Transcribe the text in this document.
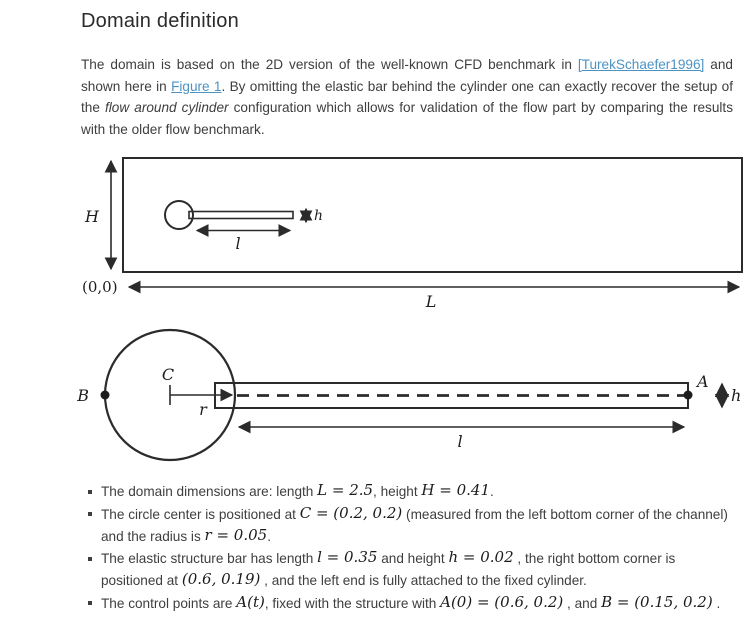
Domain definition

The domain is based on the 2D version of the well-known CFD benchmark in [TurekSchaefer1996] and shown here in Figure 1. By omitting the elastic bar behind the cylinder one can exactly recover the setup of the flow around cylinder configuration which allows for validation of the flow part by comparing the results with the older flow benchmark.

H	h
l
(0,0)
L
B
C
r
A
h
l
The domain dimensions are: length L = 2.5, height H = 0.41.
The circle center is positioned at C = (0.2, 0.2) (measured from the left bottom corner of the channel) and the radius is r = 0.05.
The elastic structure bar has length l = 0.35 and height h = 0.02 , the right bottom corner is positioned at (0.6, 0.19) , and the left end is fully attached to the fixed cylinder.
The control points are A(t), fixed with the structure with A(0) = (0.6, 0.2) , and B = (0.15, 0.2) .
